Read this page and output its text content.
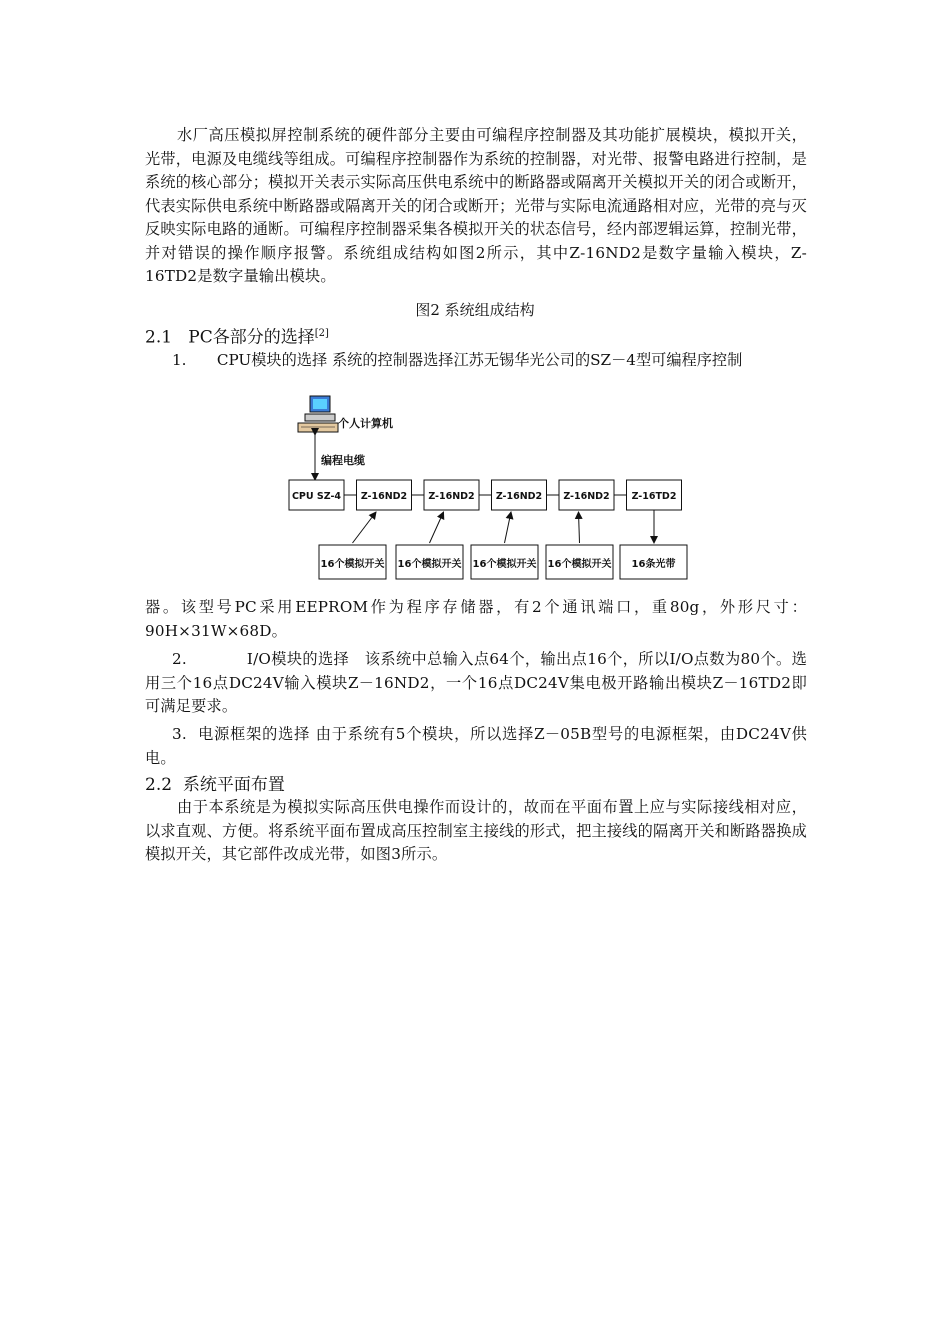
水厂高压模拟屏控制系统的硬件部分主要由可编程序控制器及其功能扩展模块，模拟开关，光带，电源及电缆线等组成。可编程序控制器作为系统的控制器，对光带、报警电路进行控制，是系统的核心部分；模拟开关表示实际高压供电系统中的断路器或隔离开关模拟开关的闭合或断开，代表实际供电系统中断路器或隔离开关的闭合或断开；光带与实际电流通路相对应，光带的亮与灭反映实际电路的通断。可编程序控制器采集各模拟开关的状态信号，经内部逻辑运算，控制光带，并对错误的操作顺序报警。系统组成结构如图2所示，其中Z-16ND2是数字量输入模块，Z-16TD2是数字量输出模块。
图2 系统组成结构
2.1 PC各部分的选择[2]
1. CPU模块的选择 系统的控制器选择江苏无锡华光公司的SZ－4型可编程序控制
个人计算机
编程电缆
CPU SZ-4 Z-16ND2 Z-16ND2 Z-16ND2 Z-16ND2 Z-16TD2
16个模拟开关 16个模拟开关 16个模拟开关 16个模拟开关 16条光带
器。该型号PC采用EEPROM作为程序存储器，有2个通讯端口，重80g，外形尺寸：90H×31W×68D。
2.	I/O模块的选择 该系统中总输入点64个，输出点16个，所以I/O点数为80个。选用三个16点DC24V输入模块Z－16ND2，一个16点DC24V集电极开路输出模块Z－16TD2即可满足要求。
3. 电源框架的选择 由于系统有5个模块，所以选择Z－05B型号的电源框架，由DC24V供电。
2.2 系统平面布置
由于本系统是为模拟实际高压供电操作而设计的，故而在平面布置上应与实际接线相对应，以求直观、方便。将系统平面布置成高压控制室主接线的形式，把主接线的隔离开关和断路器换成模拟开关，其它部件改成光带，如图3所示。
